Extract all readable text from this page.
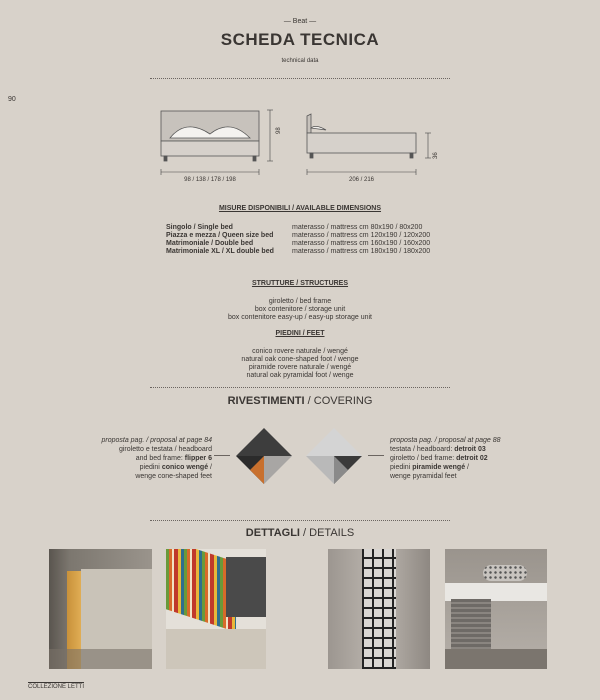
— Beat —
SCHEDA TECNICA
technical data
90
98 / 138 / 178 / 198
98
206 / 216
36
MISURE DISPONIBILI / AVAILABLE DIMENSIONS
Singolo / Single bed	materasso / mattress cm 80x190 / 80x200
Piazza e mezza / Queen size bed	materasso / mattress cm 120x190 / 120x200
Matrimoniale / Double bed	materasso / mattress cm 160x190 / 160x200
Matrimoniale XL / XL double bed	materasso / mattress cm 180x190 / 180x200
STRUTTURE / STRUCTURES
giroletto / bed frame
box contenitore / storage unit
box contenitore easy-up / easy-up storage unit
PIEDINI / FEET
conico rovere naturale / wengé
natural oak cone-shaped foot / wenge
piramide rovere naturale / wengé
natural oak pyramidal foot / wenge
RIVESTIMENTI / COVERING
proposta pag. / proposal at page 84
giroletto e testata / headboard
and bed frame: flipper 6
piedini conico wengé /
wenge cone-shaped feet
proposta pag. / proposal at page 88
testata / headboard: detroit 03
giroletto / bed frame: detroit 02
piedini piramide wengé /
wenge pyramidal feet
DETTAGLI / DETAILS
COLLEZIONE LETTI
